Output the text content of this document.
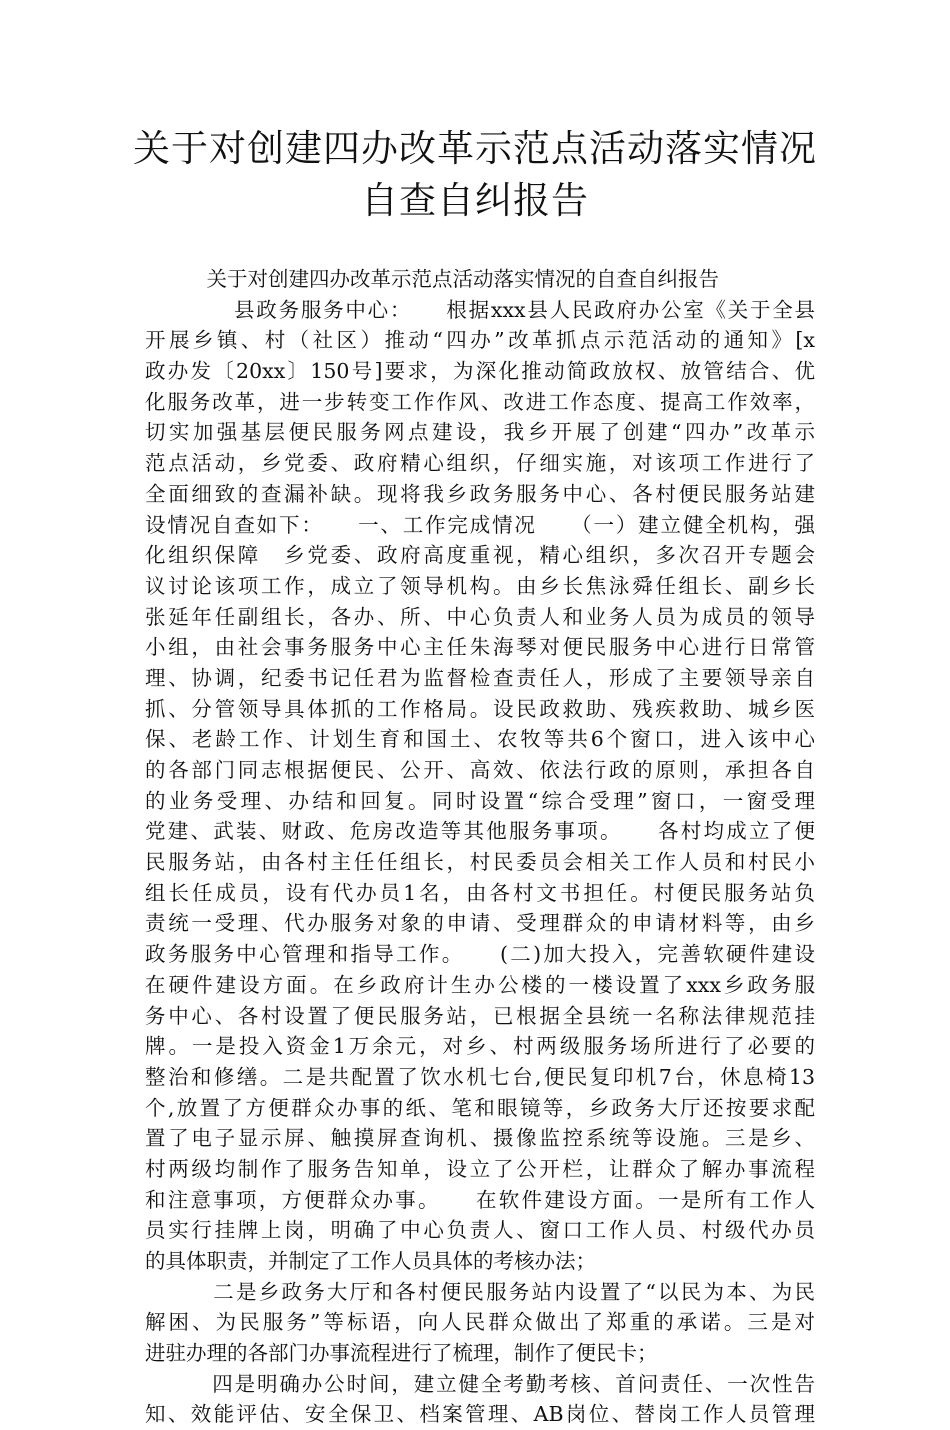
关于对创建四办改革示范点活动落实情况
自查自纠报告
　　　关于对创建四办改革示范点活动落实情况的自查自纠报告
　　　　县政务服务中心：　　根据xxx县人民政府办公室《关于全县
开展乡镇、村（社区）推动“四办”改革抓点示范活动的通知》[x
政办发〔20xx〕150号]要求，为深化推动简政放权、放管结合、优
化服务改革，进一步转变工作作风、改进工作态度、提高工作效率，
切实加强基层便民服务网点建设，我乡开展了创建“四办”改革示
范点活动，乡党委、政府精心组织，仔细实施，对该项工作进行了
全面细致的查漏补缺。现将我乡政务服务中心、各村便民服务站建
设情况自查如下：　　一、工作完成情况　　（一）建立健全机构，强
化组织保障　乡党委、政府高度重视，精心组织，多次召开专题会
议讨论该项工作，成立了领导机构。由乡长焦泳舜任组长、副乡长
张延年任副组长，各办、所、中心负责人和业务人员为成员的领导
小组，由社会事务服务中心主任朱海琴对便民服务中心进行日常管
理、协调，纪委书记任君为监督检查责任人，形成了主要领导亲自
抓、分管领导具体抓的工作格局。设民政救助、残疾救助、城乡医
保、老龄工作、计划生育和国土、农牧等共6个窗口，进入该中心
的各部门同志根据便民、公开、高效、依法行政的原则，承担各自
的业务受理、办结和回复。同时设置“综合受理”窗口，一窗受理
党建、武装、财政、危房改造等其他服务事项。　　各村均成立了便
民服务站，由各村主任任组长，村民委员会相关工作人员和村民小
组长任成员，设有代办员1名，由各村文书担任。村便民服务站负
责统一受理、代办服务对象的申请、受理群众的申请材料等，由乡
政务服务中心管理和指导工作。　　(二)加大投入，完善软硬件建设
在硬件建设方面。在乡政府计生办公楼的一楼设置了xxx乡政务服
务中心、各村设置了便民服务站，已根据全县统一名称法律规范挂
牌。一是投入资金1万余元，对乡、村两级服务场所进行了必要的
整治和修缮。二是共配置了饮水机七台,便民复印机7台，休息椅13
个,放置了方便群众办事的纸、笔和眼镜等，乡政务大厅还按要求配
置了电子显示屏、触摸屏查询机、摄像监控系统等设施。三是乡、
村两级均制作了服务告知单，设立了公开栏，让群众了解办事流程
和注意事项，方便群众办事。　　在软件建设方面。一是所有工作人
员实行挂牌上岗，明确了中心负责人、窗口工作人员、村级代办员
的具体职责，并制定了工作人员具体的考核办法；
　　　二是乡政务大厅和各村便民服务站内设置了“以民为本、为民
解困、为民服务”等标语，向人民群众做出了郑重的承诺。三是对
进驻办理的各部门办事流程进行了梳理，制作了便民卡；
　　　四是明确办公时间，建立健全考勤考核、首问责任、一次性告
知、效能评估、安全保卫、档案管理、AB岗位、替岗工作人员管理
